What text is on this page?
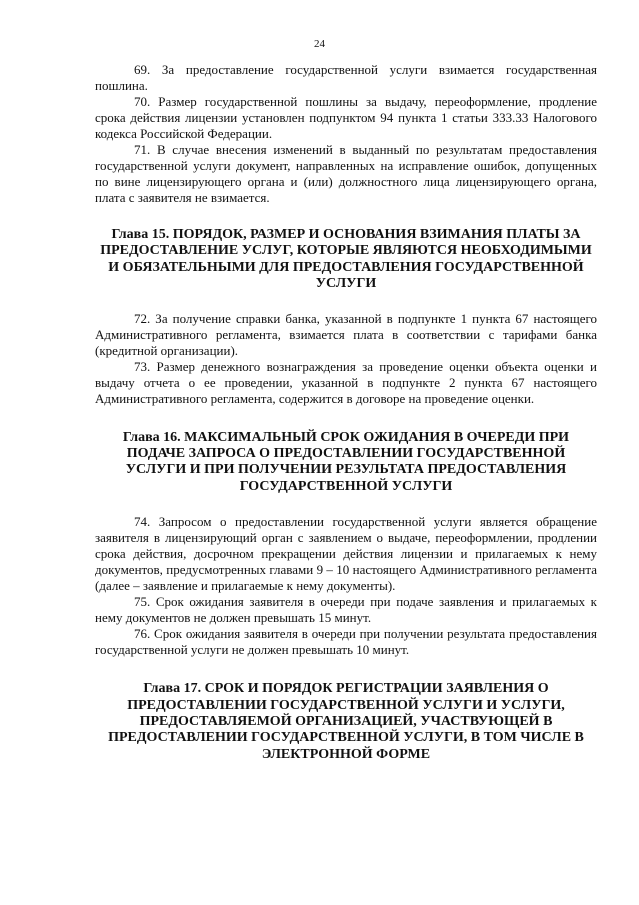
24

69. За предоставление государственной услуги взимается государственная пошлина.

70. Размер государственной пошлины за выдачу, переоформление, продление срока действия лицензии установлен подпунктом 94 пункта 1 статьи 333.33 Налогового кодекса Российской Федерации.

71. В случае внесения изменений в выданный по результатам предоставления государственной услуги документ, направленных на исправление ошибок, допущенных по вине лицензирующего органа и (или) должностного лица лицензирующего органа, плата с заявителя не взимается.

Глава 15. ПОРЯДОК, РАЗМЕР И ОСНОВАНИЯ ВЗИМАНИЯ ПЛАТЫ ЗА ПРЕДОСТАВЛЕНИЕ УСЛУГ, КОТОРЫЕ ЯВЛЯЮТСЯ НЕОБХОДИМЫМИ И ОБЯЗАТЕЛЬНЫМИ ДЛЯ ПРЕДОСТАВЛЕНИЯ ГОСУДАРСТВЕННОЙ УСЛУГИ

72. За получение справки банка, указанной в подпункте 1 пункта 67 настоящего Административного регламента, взимается плата в соответствии с тарифами банка (кредитной организации).

73. Размер денежного вознаграждения за проведение оценки объекта оценки и выдачу отчета о ее проведении, указанной в подпункте 2 пункта 67 настоящего Административного регламента, содержится в договоре на проведение оценки.

Глава 16. МАКСИМАЛЬНЫЙ СРОК ОЖИДАНИЯ В ОЧЕРЕДИ ПРИ ПОДАЧЕ ЗАПРОСА О ПРЕДОСТАВЛЕНИИ ГОСУДАРСТВЕННОЙ УСЛУГИ И ПРИ ПОЛУЧЕНИИ РЕЗУЛЬТАТА ПРЕДОСТАВЛЕНИЯ ГОСУДАРСТВЕННОЙ УСЛУГИ

74. Запросом о предоставлении государственной услуги является обращение заявителя в лицензирующий орган с заявлением о выдаче, переоформлении, продлении срока действия, досрочном прекращении действия лицензии и прилагаемых к нему документов, предусмотренных главами 9 – 10 настоящего Административного регламента (далее – заявление и прилагаемые к нему документы).

75. Срок ожидания заявителя в очереди при подаче заявления и прилагаемых к нему документов не должен превышать 15 минут.

76. Срок ожидания заявителя в очереди при получении результата предоставления государственной услуги не должен превышать 10 минут.

Глава 17. СРОК И ПОРЯДОК РЕГИСТРАЦИИ ЗАЯВЛЕНИЯ О ПРЕДОСТАВЛЕНИИ ГОСУДАРСТВЕННОЙ УСЛУГИ И УСЛУГИ, ПРЕДОСТАВЛЯЕМОЙ ОРГАНИЗАЦИЕЙ, УЧАСТВУЮЩЕЙ В ПРЕДОСТАВЛЕНИИ ГОСУДАРСТВЕННОЙ УСЛУГИ, В ТОМ ЧИСЛЕ В ЭЛЕКТРОННОЙ ФОРМЕ
